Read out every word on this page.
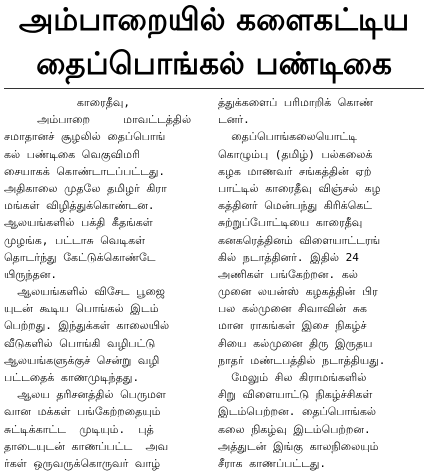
அம்பாறையில் களைகட்டிய
தைப்பொங்கல் பண்டிகை
காரைதீவு,
அம்பாறை     மாவட்டத்தில்
சமாதானச் சூழலில் தைப்பொங்
கல் பண்டிகை வெகுவிமரி
சையாகக் கொண்டாடப்பட்டது.
அதிகாலை முதலே தமிழர் கிரா
மங்கள் விழித்துக்கொண்டன.
ஆலயங்களில் பக்தி கீதங்கள்
முழங்க, பட்டாசு வெடிகள்
தொடர்ந்து கேட்டுக்கொண்டே
யிருந்தன.
ஆலயங்களில் விசேட பூஜை
யுடன் கூடிய பொங்கல் இடம்
பெற்றது. இந்துக்கள் காலையில்
வீடுகளில் பொங்கி வழிபட்டு
ஆலயங்களுக்குச் சென்று வழி
பட்டதைக் காணமுடிந்தது.
ஆலய தரிசனத்தில் பெருமள
வான மக்கள் பங்கேற்றதையும்
சுட்டிக்காட்ட  முடியும்.  புத்
தாடையுடன் காணப்பட்ட  அவ
ர்கள் ஒருவருக்கொருவர் வாழ்
த்துக்களைப் பரிமாறிக் கொண்
டனர்.
தைப்பொங்கலையொட்டி
கொழும்பு (தமிழ்) பல்கலைக்
கழக மாணவர் சங்கத்தின் ஏற்
பாட்டில் காரைதீவு விஞ்சல் கழ
கத்தினர் மென்பந்து கிரிக்கெட்
சுற்றுப்போட்டியை காரைதீவு
கனகரெத்தினம் விளையாட்டரங்
கில் நடாத்தினர். இதில் 24
அணிகள் பங்கேற்றன. கல்
முனை லயன்ஸ் கழகத்தின் பிர
பல கல்முனை சிவாவின் சுக
மான ராகங்கள் இசை நிகழ்ச்
சியை கல்முனை திரு இருதய
நாதர் மண்டபத்தில் நடாத்தியது.
மேலும் சில கிராமங்களில்
சிறு விளையாட்டு நிகழ்ச்சிகள்
இடம்பெற்றன. தைப்பொங்கல்
கலை நிகழ்வு இடம்பெற்றன.
அத்துடன் இங்கு காலநிலையும்
சீராக காணப்பட்டது.
